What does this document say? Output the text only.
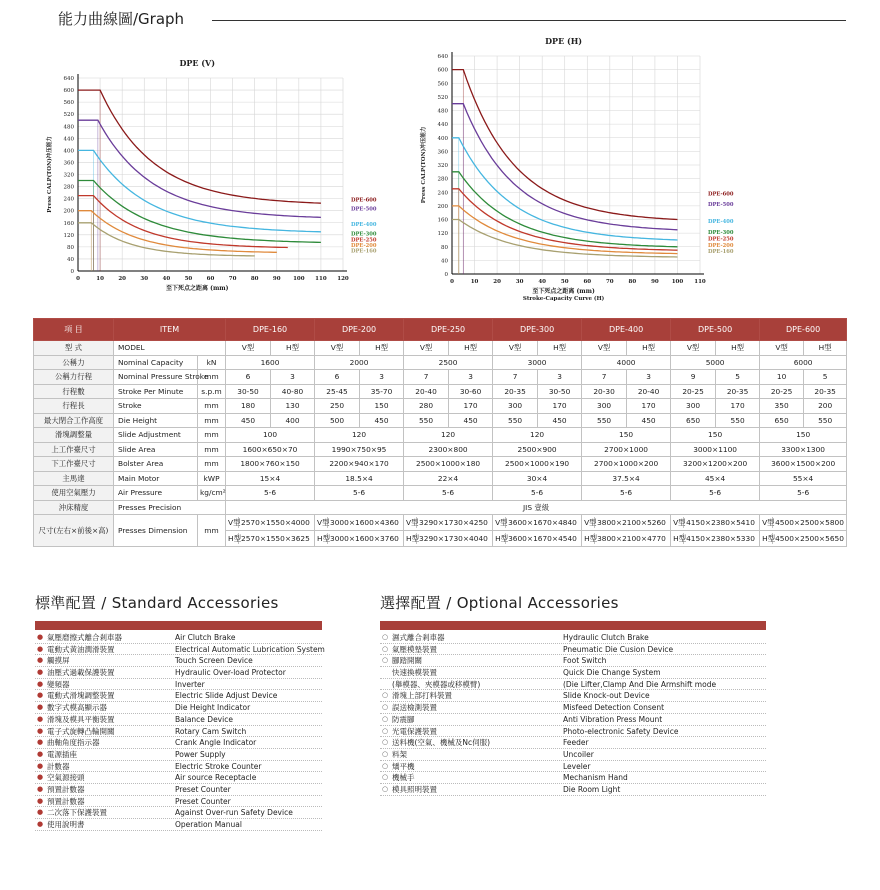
能力曲線圖/Graph
0
40
80
120
160
200
240
280
320
360
400
440
480
520
560
600
640
0	10	20	30	40	50	60	70	80	90 100 110 120
DPE (V)
至下死点之距离 (mm)
Press CALP(TON)冲压能力	DPE-600
DPE-500
DPE-400
DPE-300
DPE-250
DPE-200
DPE-160
0
40
80
120
160
200
240
280
320
360
400
440
480
520
560
600
640
0	10	20	30	40	50	60	70	80	90 100 110
DPE (H)
至下死点之距离 (mm)
Stroke-Capacity Curve (H)
Press CALP(TON)冲压能力	DPE-600
DPE-500
DPE-400
DPE-300
DPE-250
DPE-200
DPE-160
項 目	ITEM		DPE-160		DPE-200		DPE-250		DPE-300		DPE-400		DPE-500		DPE-600	
型 式	MODEL		V型	H型	V型	H型	V型	H型	V型	H型	V型	H型	V型	H型	V型	H型
公稱力	Nominal Capacity	kN	1600		2000		2500		3000		4000		5000		6000	
公稱力行程	Nominal Pressure Stroke	mm	6	3	6	3	7	3	7	3	7	3	9	5	10	5
行程數	Stroke Per Minute	s.p.m	30-50	40-80	25-45	35-70	20-40	30-60	20-35	30-50	20-30	20-40	20-25	20-35	20-25	20-35
行程長	Stroke	mm	180	130	250	150	280	170	300	170	300	170	300	170	350	200
最大閉合工作高度	Die Height	mm	450	400	500	450	550	450	550	450	550	450	650	550	650	550
滑塊調整量	Slide Adjustment	mm	100		120		120		120		150		150		150	
上工作臺尺寸	Slide Area	mm	1600×650×70		1990×750×95		2300×800		2500×900		2700×1000		3000×1100		3300×1300	
下工作臺尺寸	Bolster Area	mm	1800×760×150		2200×940×170		2500×1000×180		2500×1000×190		2700×1000×200		3200×1200×200		3600×1500×200	
主馬達	Main Motor	kWP	15×4		18.5×4		22×4		30×4		37.5×4		45×4		55×4	
使用空氣壓力	Air Pressure	kg/cm²	5-6		5-6		5-6		5-6		5-6		5-6		5-6	
沖床精度	Presses Precision		JIS 壹級													
尺寸(左右×前後×高)	Presses Dimension	mm	V型2570×1550×4000		V型3000×1600×4360		V型3290×1730×4250		V型3600×1670×4840		V型3800×2100×5260		V型4150×2380×5410		V型4500×2500×5800	
			H型2570×1550×3625		H型3000×1600×3760		H型3290×1730×4040		H型3600×1670×4540		H型3800×2100×4770		H型4150×2380×5330		H型4500×2500×5650	
標準配置 / Standard Accessories
● 氣壓磨擦式離合剎車器	Air Clutch Brake
● 電動式黃油潤滑裝置	Electrical Automatic Lubrication System
● 觸摸屏	Touch Screen Device
● 油壓式過載保護裝置	Hydraulic Over-load Protector
● 變頻器	Inverter
● 電動式滑塊調整裝置	Electric Slide Adjust Device
● 數字式模高顯示器	Die Height Indicator
● 滑塊及模具平衡裝置	Balance Device
● 電子式旋轉凸輪開關	Rotary Cam Switch
● 曲軸角度指示器	Crank Angle Indicator
● 電源插座	Power Supply
● 計數器	Electric Stroke Counter
● 空氣源接頭	Air source Receptacle
● 預置計數器	Preset Counter
● 預置計數器	Preset Counter
● 二次落下保護裝置	Against Over-run Safety Device
● 使用說明書	Operation Manual
選擇配置 / Optional Accessories
○ 濕式離合剎車器	Hydraulic Clutch Brake
○ 氣壓模墊裝置	Pneumatic Die Cusion Device
○ 腳踏開關	Foot Switch
快速換模裝置	Quick Die Change System
(舉模器、夾模器或移模臂)	(Die Lifter,Clamp And Die Armshift mode
○ 滑塊上部打料裝置	Slide Knock-out Device
○ 誤送檢測裝置	Misfeed Detection Consent
○ 防震腳	Anti Vibration Press Mount
○ 光電保護裝置	Photo-electronic Safety Device
○ 送料機(空氣、機械及Nc伺服)	Feeder
○ 料架	Uncoiler
○ 矯平機	Leveler
○ 機械手	Mechanism Hand
○ 模具照明裝置	Die Room Light
